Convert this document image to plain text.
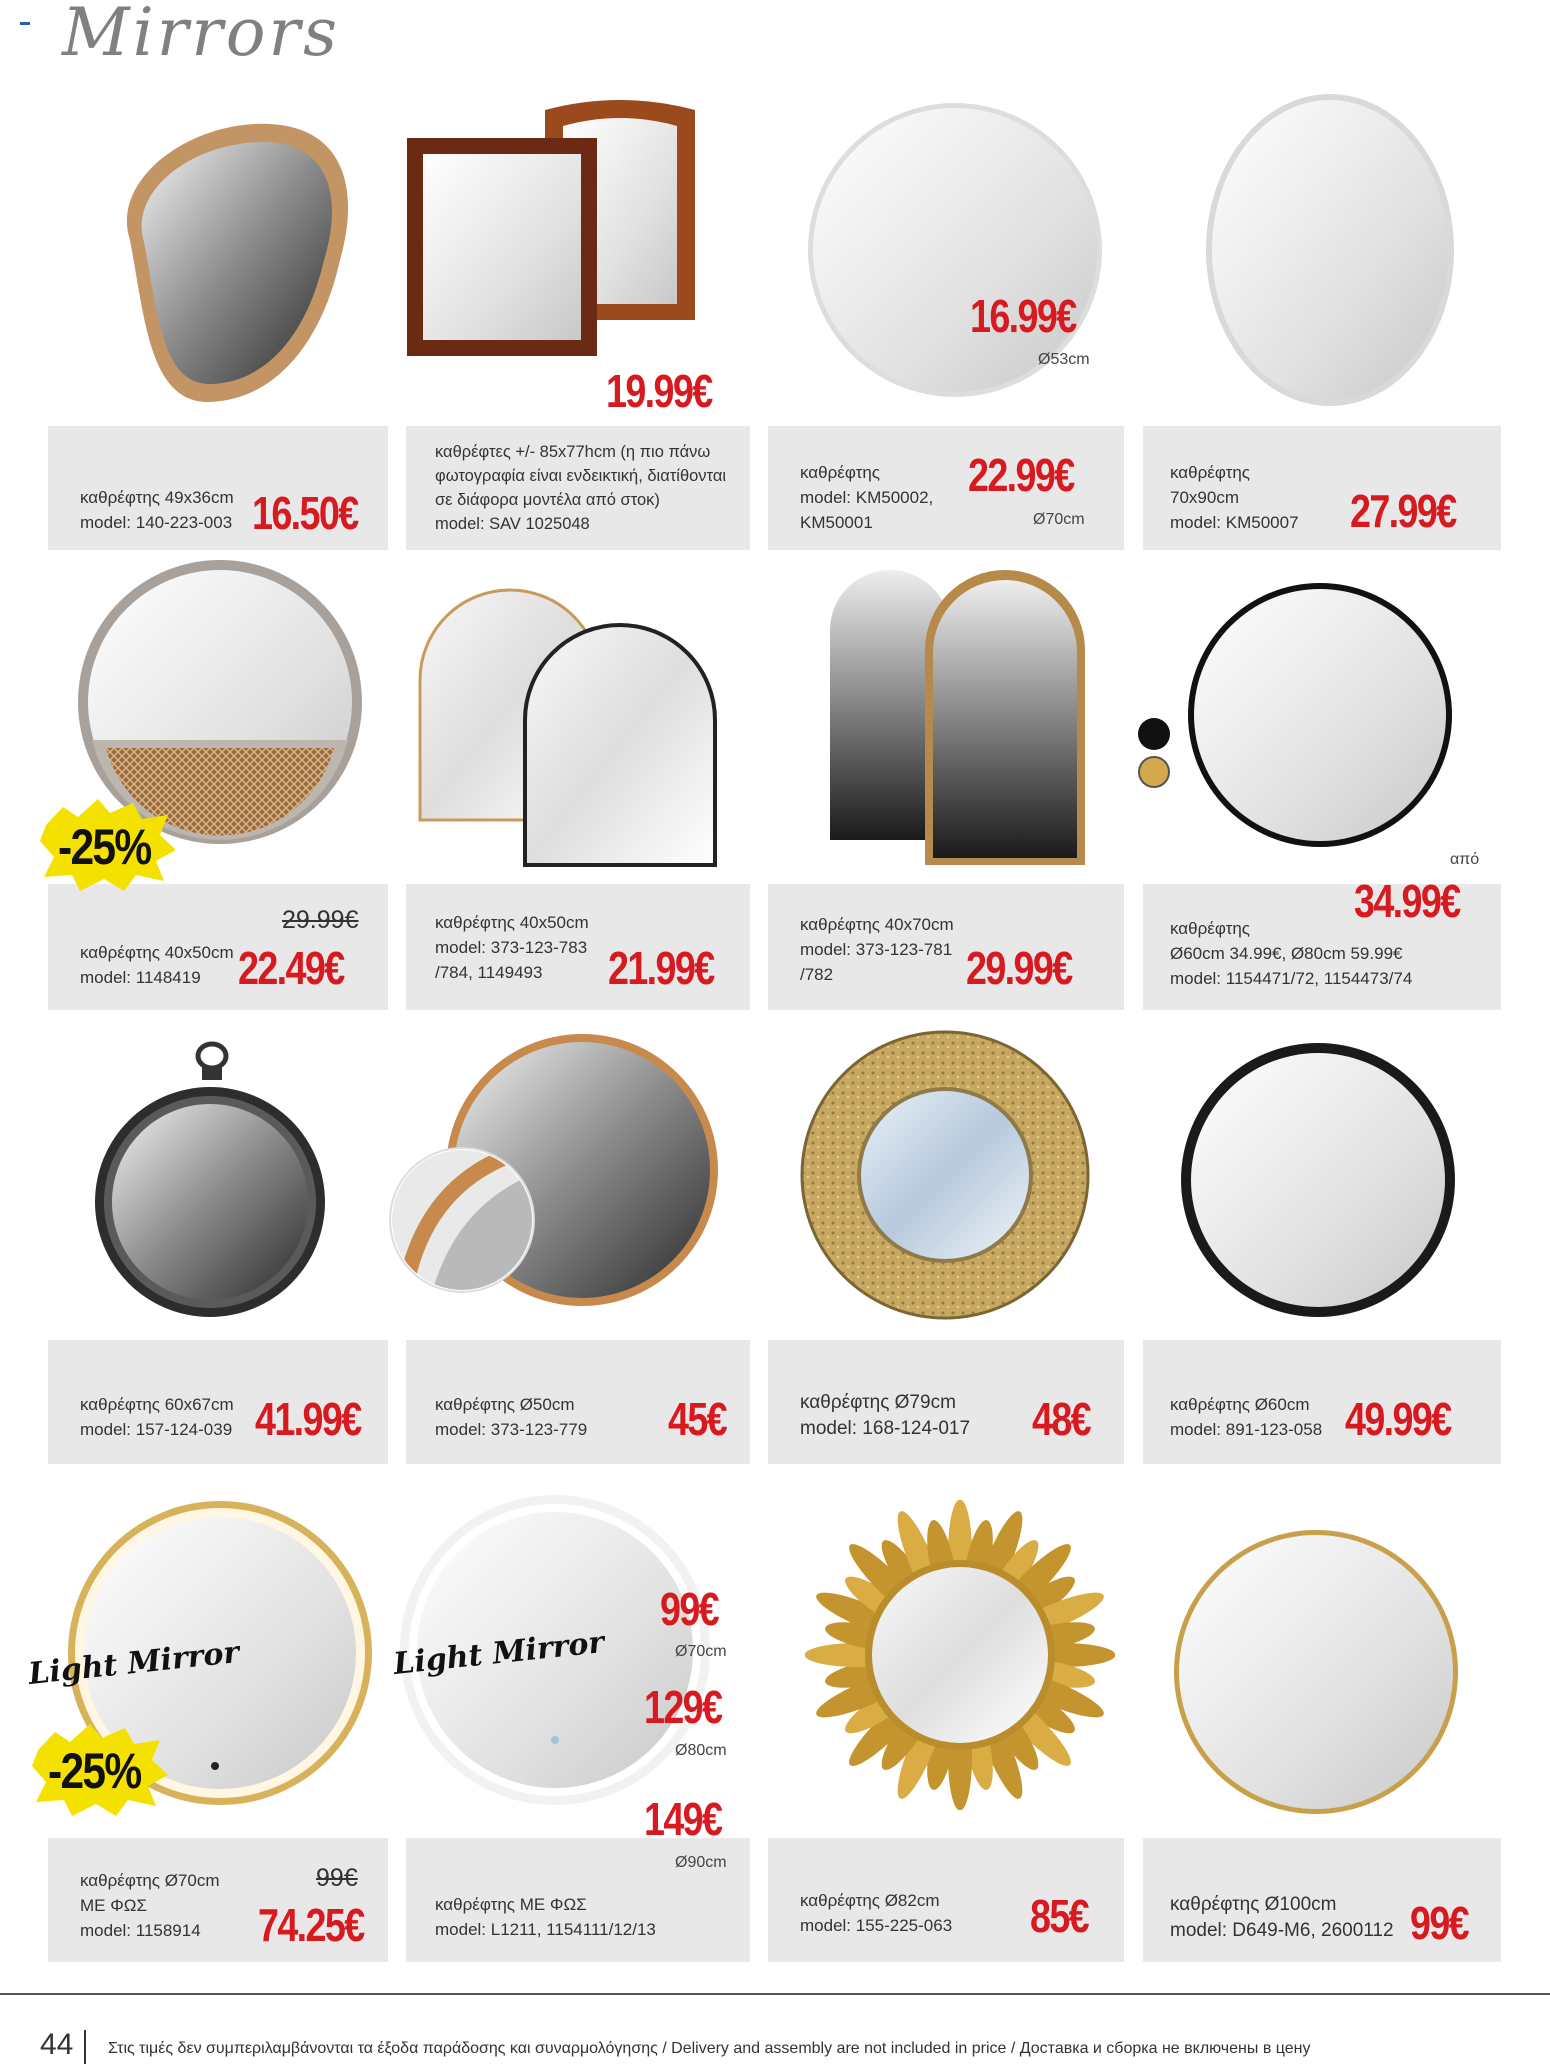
Mirrors
καθρέφτης 49x36cm
model: 140-223-003 16.50€
καθρέφτες +/- 85x77hcm (η πιο πάνω
φωτογραφία είναι ενδεικτική, διατίθονται
σε διάφορα μοντέλα από στοκ)
model: SAV 1025048
19.99€
καθρέφτης
model: KM50002,
KM50001
16.99€
Ø53cm
22.99€
Ø70cm
καθρέφτης
70x90cm
model: KM50007 27.99€
29.99€
καθρέφτης 40x50cm
model: 1148419 22.49€
καθρέφτης 40x50cm
model: 373-123-783
/784, 1149493	21.99€
καθρέφτης 40x70cm
model: 373-123-781
/782	29.99€
από
34.99€
καθρέφτης
Ø60cm 34.99€, Ø80cm 59.99€
model: 1154471/72, 1154473/74
καθρέφτης 60x67cm
model: 157-124-039 41.99€	καθρέφτης Ø50cm
model: 373-123-779 45€	καθρέφτης Ø79cm
model: 168-124-017 48€	καθρέφτης Ø60cm
model: 891-123-058 49.99€
99€
καθρέφτης Ø70cm
ΜΕ ΦΩΣ
model: 1158914	74.25€	καθρέφτης ΜΕ ΦΩΣ
model: L1211, 1154111/12/13
99€
Ø70cm
129€
Ø80cm
149€
Ø90cm
καθρέφτης Ø82cm
model: 155-225-063 85€	καθρέφτης Ø100cm
model: D649-M6, 2600112 99€
-25%
-25%
Light Mirror	Light Mirror
44 Στις τιμές δεν συμπεριλαμβάνονται τα έξοδα παράδοσης και συναρμολόγησης / Delivery and assembly are not included in price / Доставка и сборка не включены в цену
